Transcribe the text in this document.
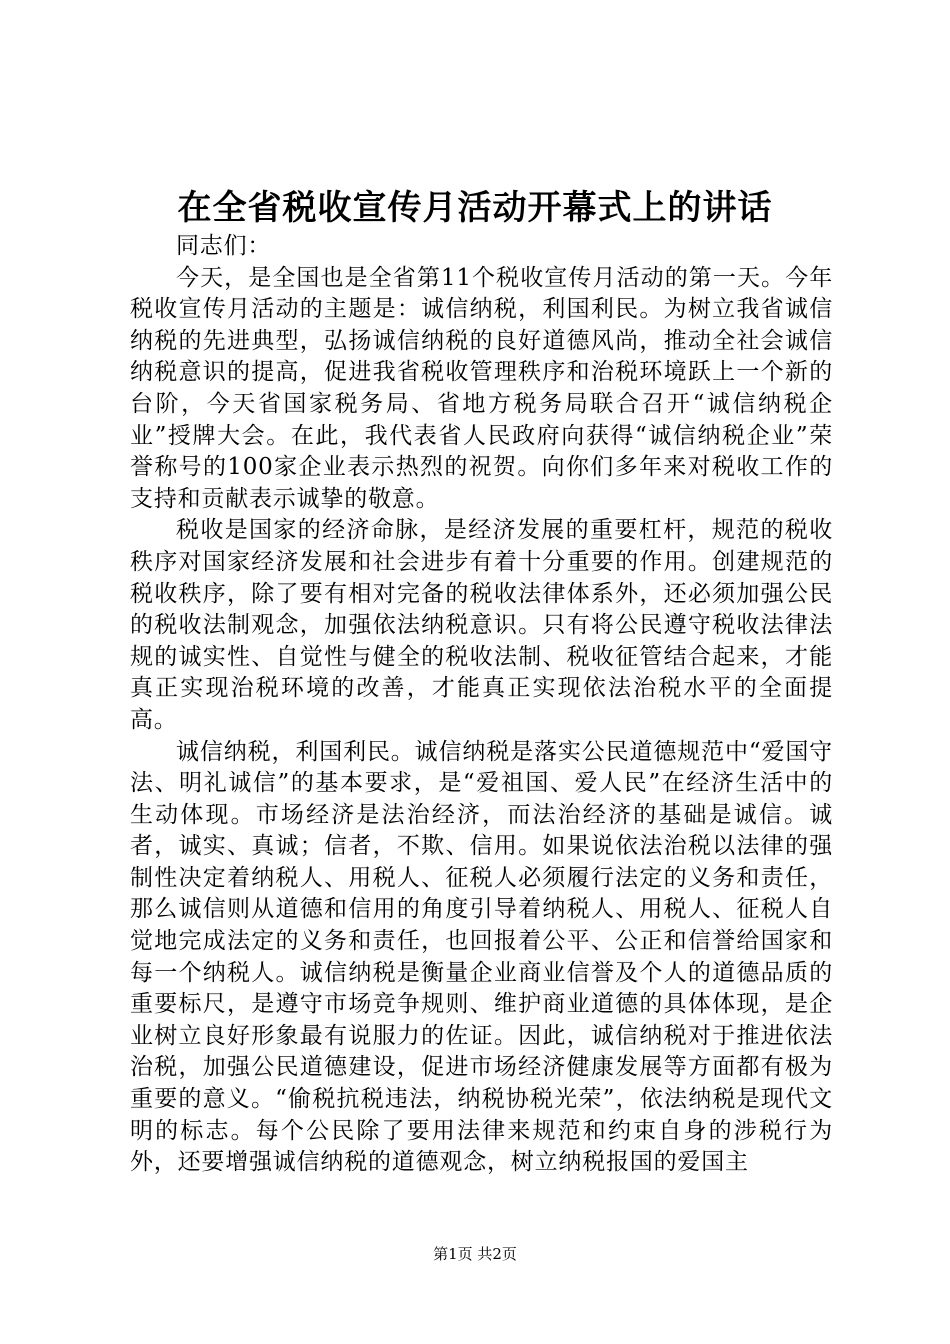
在全省税收宣传月活动开幕式上的讲话

同志们：

今天，是全国也是全省第11个税收宣传月活动的第一天。今年税收宣传月活动的主题是：诚信纳税，利国利民。为树立我省诚信纳税的先进典型，弘扬诚信纳税的良好道德风尚，推动全社会诚信纳税意识的提高，促进我省税收管理秩序和治税环境跃上一个新的台阶，今天省国家税务局、省地方税务局联合召开“诚信纳税企业”授牌大会。在此，我代表省人民政府向获得“诚信纳税企业”荣誉称号的100家企业表示热烈的祝贺。向你们多年来对税收工作的支持和贡献表示诚挚的敬意。

税收是国家的经济命脉，是经济发展的重要杠杆，规范的税收秩序对国家经济发展和社会进步有着十分重要的作用。创建规范的税收秩序，除了要有相对完备的税收法律体系外，还必须加强公民的税收法制观念，加强依法纳税意识。只有将公民遵守税收法律法规的诚实性、自觉性与健全的税收法制、税收征管结合起来，才能真正实现治税环境的改善，才能真正实现依法治税水平的全面提高。

诚信纳税，利国利民。诚信纳税是落实公民道德规范中“爱国守法、明礼诚信”的基本要求，是“爱祖国、爱人民”在经济生活中的生动体现。市场经济是法治经济，而法治经济的基础是诚信。诚者，诚实、真诚；信者，不欺、信用。如果说依法治税以法律的强制性决定着纳税人、用税人、征税人必须履行法定的义务和责任，那么诚信则从道德和信用的角度引导着纳税人、用税人、征税人自觉地完成法定的义务和责任，也回报着公平、公正和信誉给国家和每一个纳税人。诚信纳税是衡量企业商业信誉及个人的道德品质的重要标尺，是遵守市场竞争规则、维护商业道德的具体体现，是企业树立良好形象最有说服力的佐证。因此，诚信纳税对于推进依法治税，加强公民道德建设，促进市场经济健康发展等方面都有极为重要的意义。“偷税抗税违法，纳税协税光荣”，依法纳税是现代文明的标志。每个公民除了要用法律来规范和约束自身的涉税行为外，还要增强诚信纳税的道德观念，树立纳税报国的爱国主

第1页 共2页
